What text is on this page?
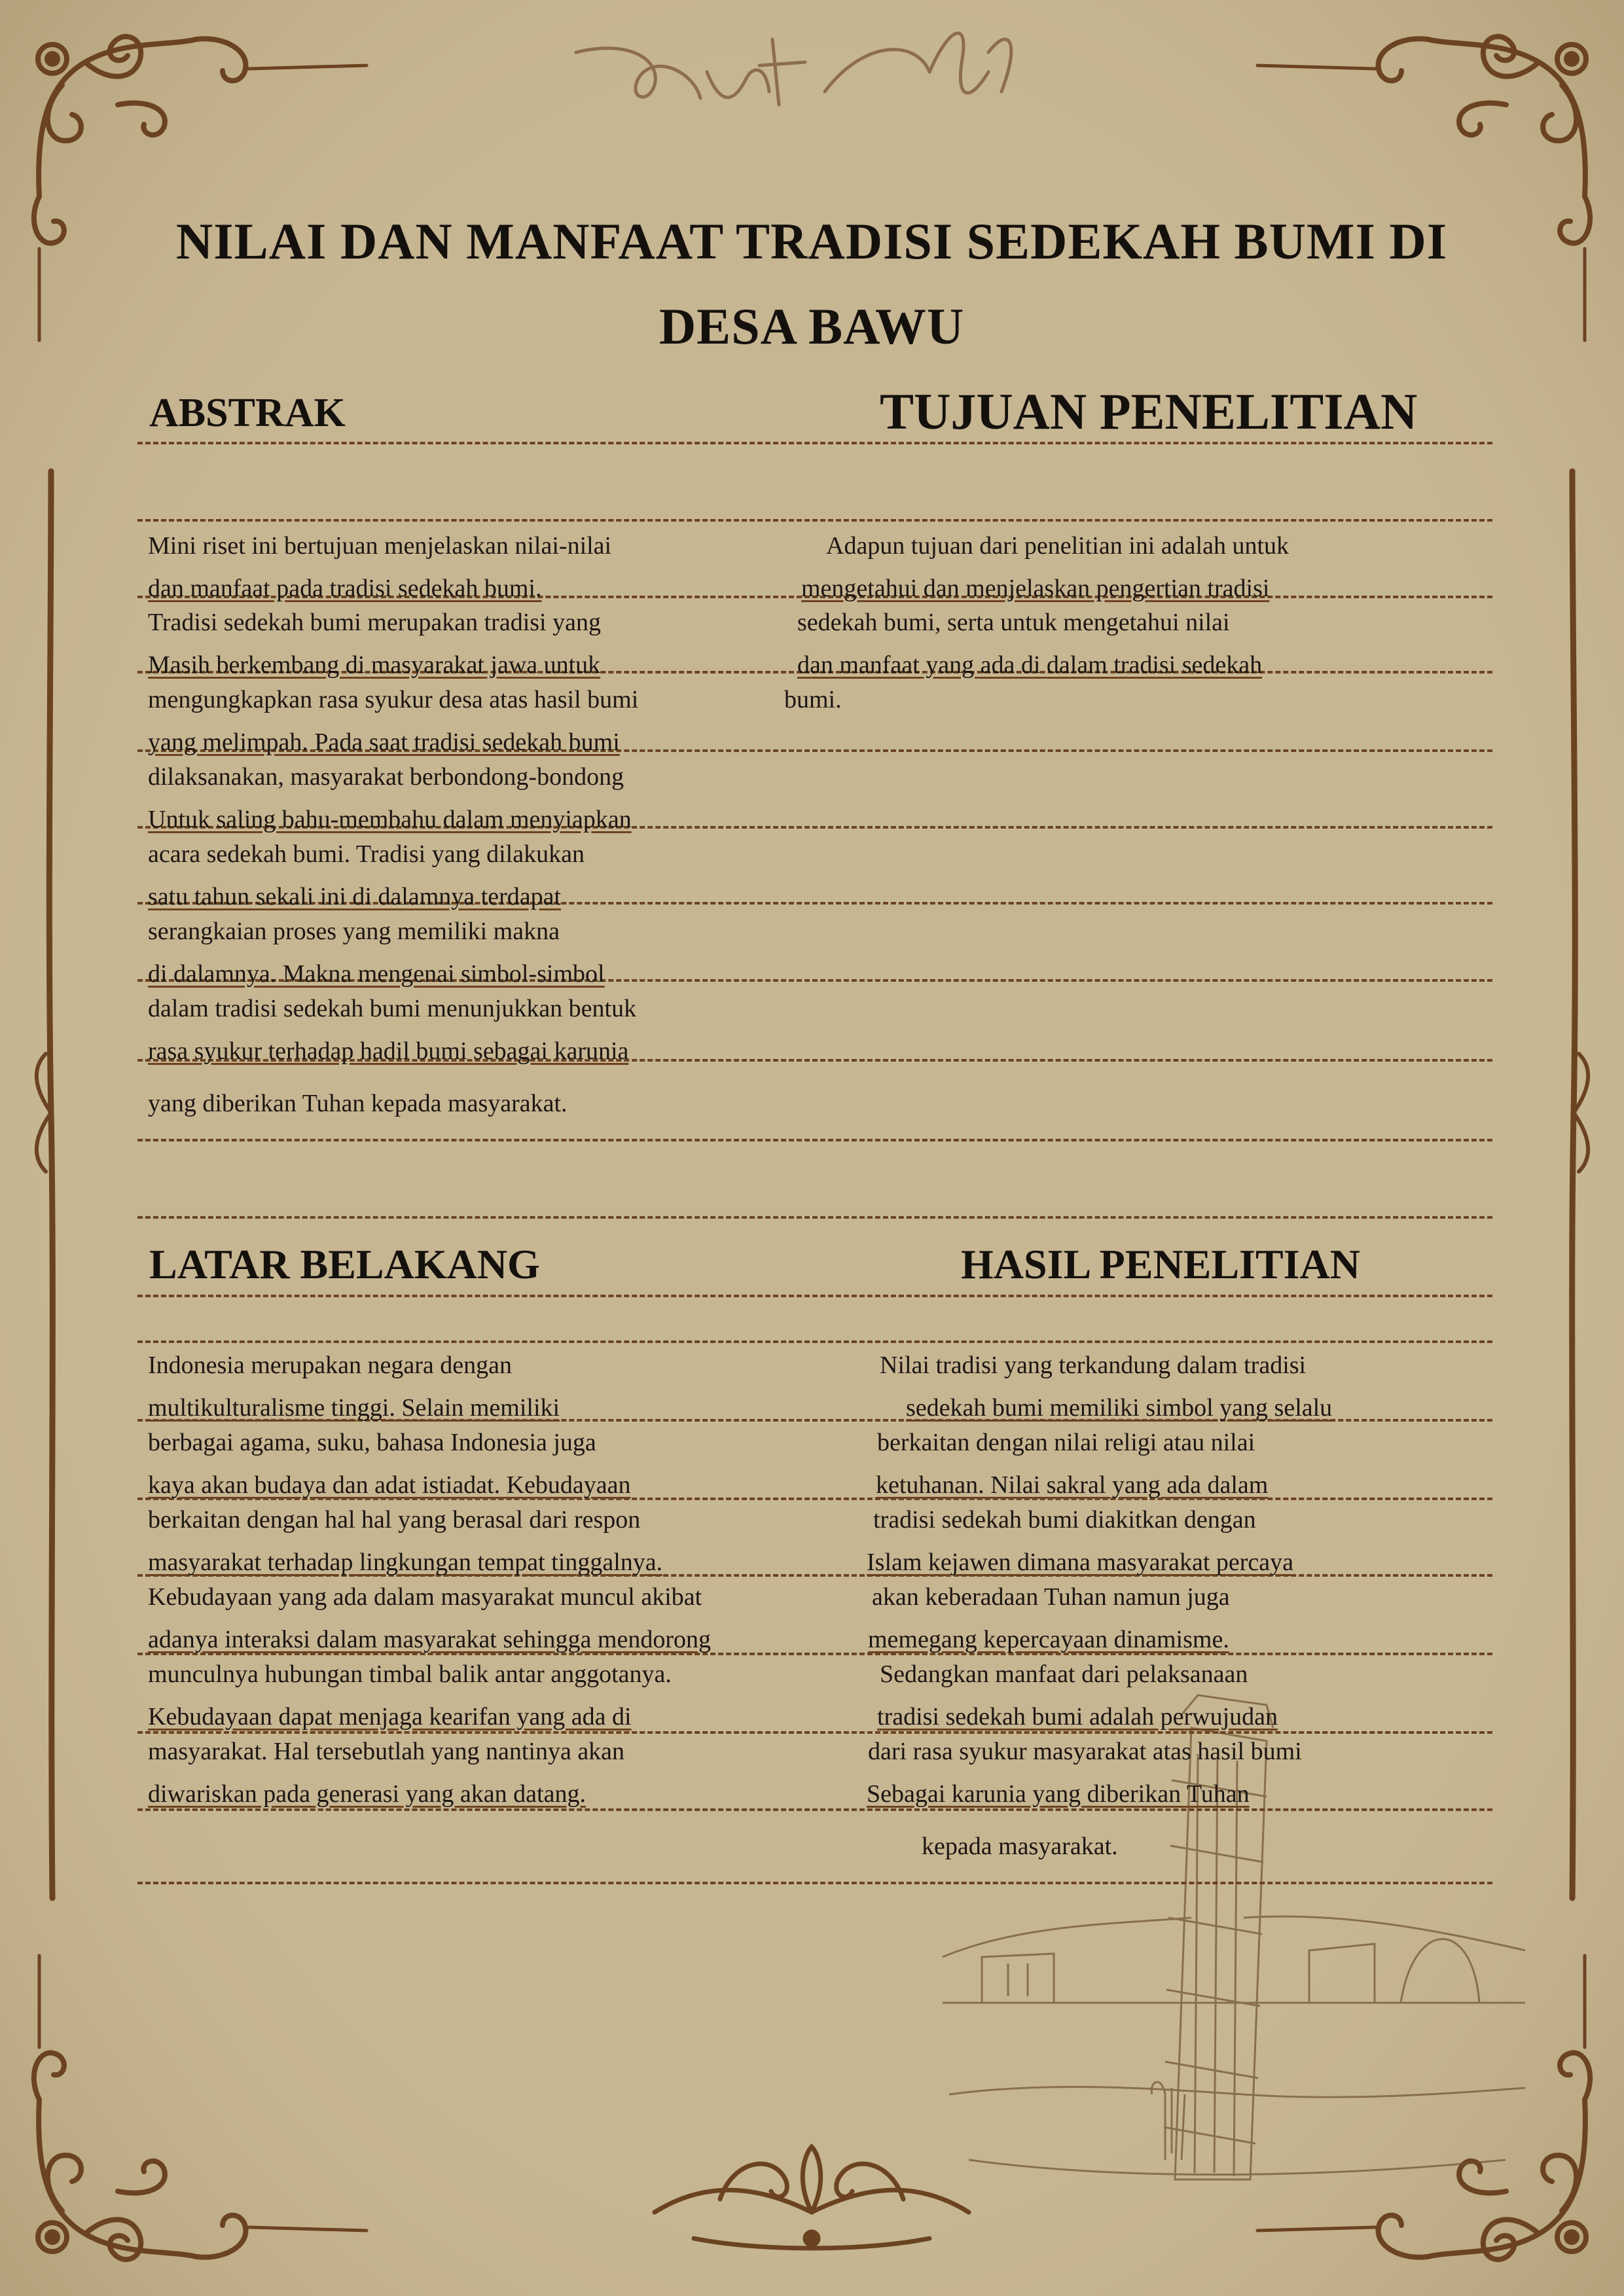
NILAI DAN MANFAAT TRADISI SEDEKAH BUMI DI
DESA BAWU
ABSTRAK	TUJUAN PENELITIAN
LATAR BELAKANG	HASIL PENELITIAN
Mini riset ini bertujuan menjelaskan nilai-nilai
dan manfaat pada tradisi sedekah bumi.
Tradisi sedekah bumi merupakan tradisi yang
Masih berkembang di masyarakat jawa untuk
mengungkapkan rasa syukur desa atas hasil bumi
yang melimpah. Pada saat tradisi sedekah bumi
dilaksanakan, masyarakat berbondong-bondong
Untuk saling bahu-membahu dalam menyiapkan
acara sedekah bumi. Tradisi yang dilakukan
satu tahun sekali ini di dalamnya terdapat
serangkaian proses yang memiliki makna
di dalamnya. Makna mengenai simbol-simbol
dalam tradisi sedekah bumi menunjukkan bentuk
rasa syukur terhadap hadil bumi sebagai karunia
yang diberikan Tuhan kepada masyarakat.
Adapun tujuan dari penelitian ini adalah untuk
mengetahui dan menjelaskan pengertian tradisi
sedekah bumi, serta untuk mengetahui nilai
dan manfaat yang ada di dalam tradisi sedekah
bumi.
Indonesia merupakan negara dengan
multikulturalisme tinggi. Selain memiliki
berbagai agama, suku, bahasa Indonesia juga
kaya akan budaya dan adat istiadat. Kebudayaan
berkaitan dengan hal hal yang berasal dari respon
masyarakat terhadap lingkungan tempat tinggalnya.
Kebudayaan yang ada dalam masyarakat muncul akibat
adanya interaksi dalam masyarakat sehingga mendorong
munculnya hubungan timbal balik antar anggotanya.
Kebudayaan dapat menjaga kearifan yang ada di
masyarakat. Hal tersebutlah yang nantinya akan
diwariskan pada generasi yang akan datang.
Nilai tradisi yang terkandung dalam tradisi
sedekah bumi memiliki simbol yang selalu
berkaitan dengan nilai religi atau nilai
ketuhanan. Nilai sakral yang ada dalam
tradisi sedekah bumi diakitkan dengan
Islam kejawen dimana masyarakat percaya
akan keberadaan Tuhan namun juga
memegang kepercayaan dinamisme.
Sedangkan manfaat dari pelaksanaan
tradisi sedekah bumi adalah perwujudan
dari rasa syukur masyarakat atas hasil bumi
Sebagai karunia yang diberikan Tuhan
kepada masyarakat.
